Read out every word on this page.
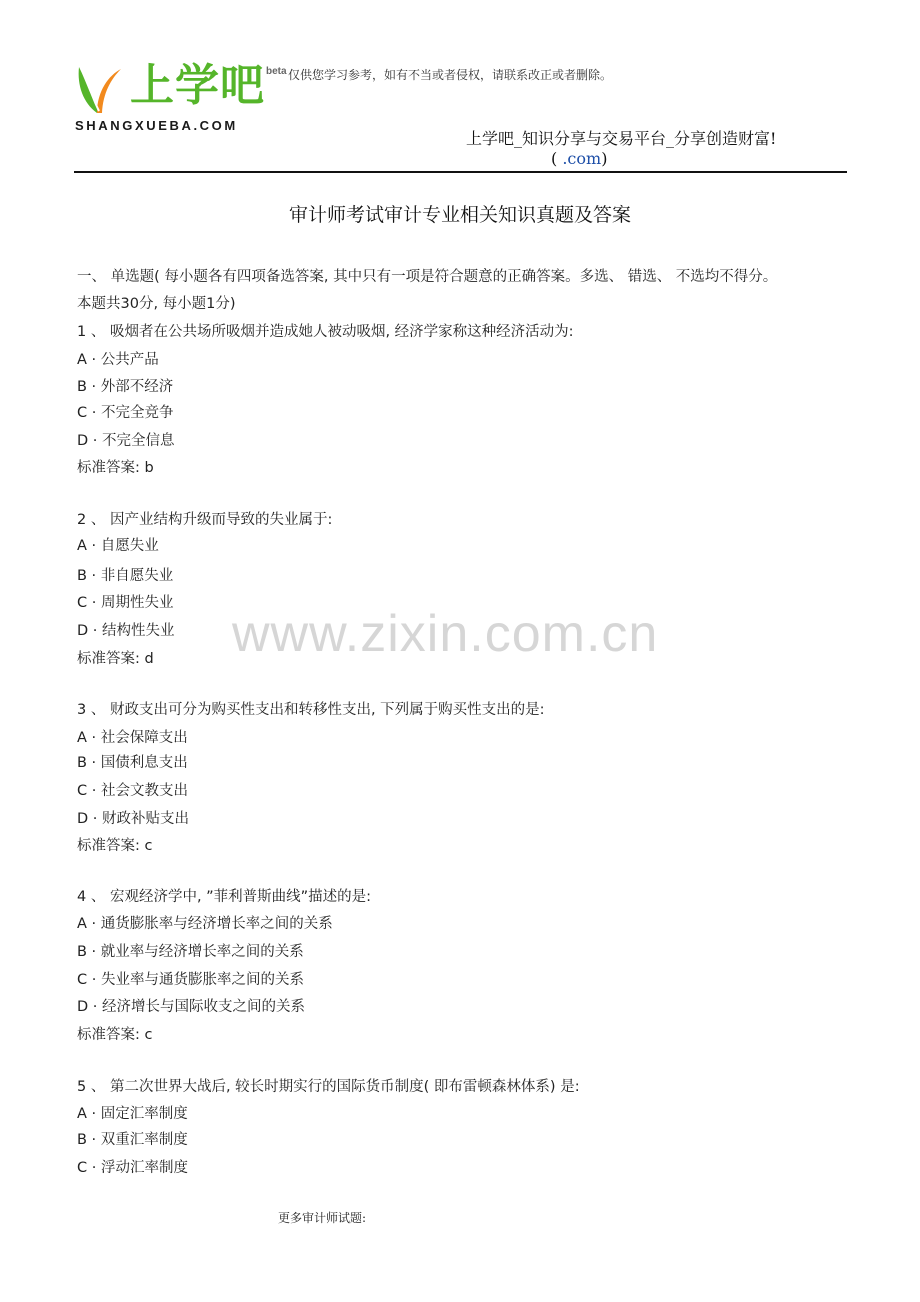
上学吧 beta
SHANGXUEBA.COM
仅供您学习参考，如有不当或者侵权，请联系改正或者删除。
上学吧_知识分享与交易平台_分享创造财富!
( .com)
审计师考试审计专业相关知识真题及答案
一、 单选题( 每小题各有四项备选答案, 其中只有一项是符合题意的正确答案。多选、 错选、 不选均不得分。
本题共30分, 每小题1分)
1 、 吸烟者在公共场所吸烟并造成她人被动吸烟, 经济学家称这种经济活动为:
A · 公共产品
B · 外部不经济
C · 不完全竞争
D · 不完全信息
标准答案: b
2 、 因产业结构升级而导致的失业属于:
A · 自愿失业
B · 非自愿失业
C · 周期性失业
D · 结构性失业
标准答案: d
3 、 财政支出可分为购买性支出和转移性支出, 下列属于购买性支出的是:
A · 社会保障支出
B · 国债利息支出
C · 社会文教支出
D · 财政补贴支出
标准答案: c
4 、 宏观经济学中, ”菲利普斯曲线”描述的是:
A · 通货膨胀率与经济增长率之间的关系
B · 就业率与经济增长率之间的关系
C · 失业率与通货膨胀率之间的关系
D · 经济增长与国际收支之间的关系
标准答案: c
5 、 第二次世界大战后, 较长时期实行的国际货币制度( 即布雷顿森林体系) 是:
A · 固定汇率制度
B · 双重汇率制度
C · 浮动汇率制度
www.zixin.com.cn
更多审计师试题:
